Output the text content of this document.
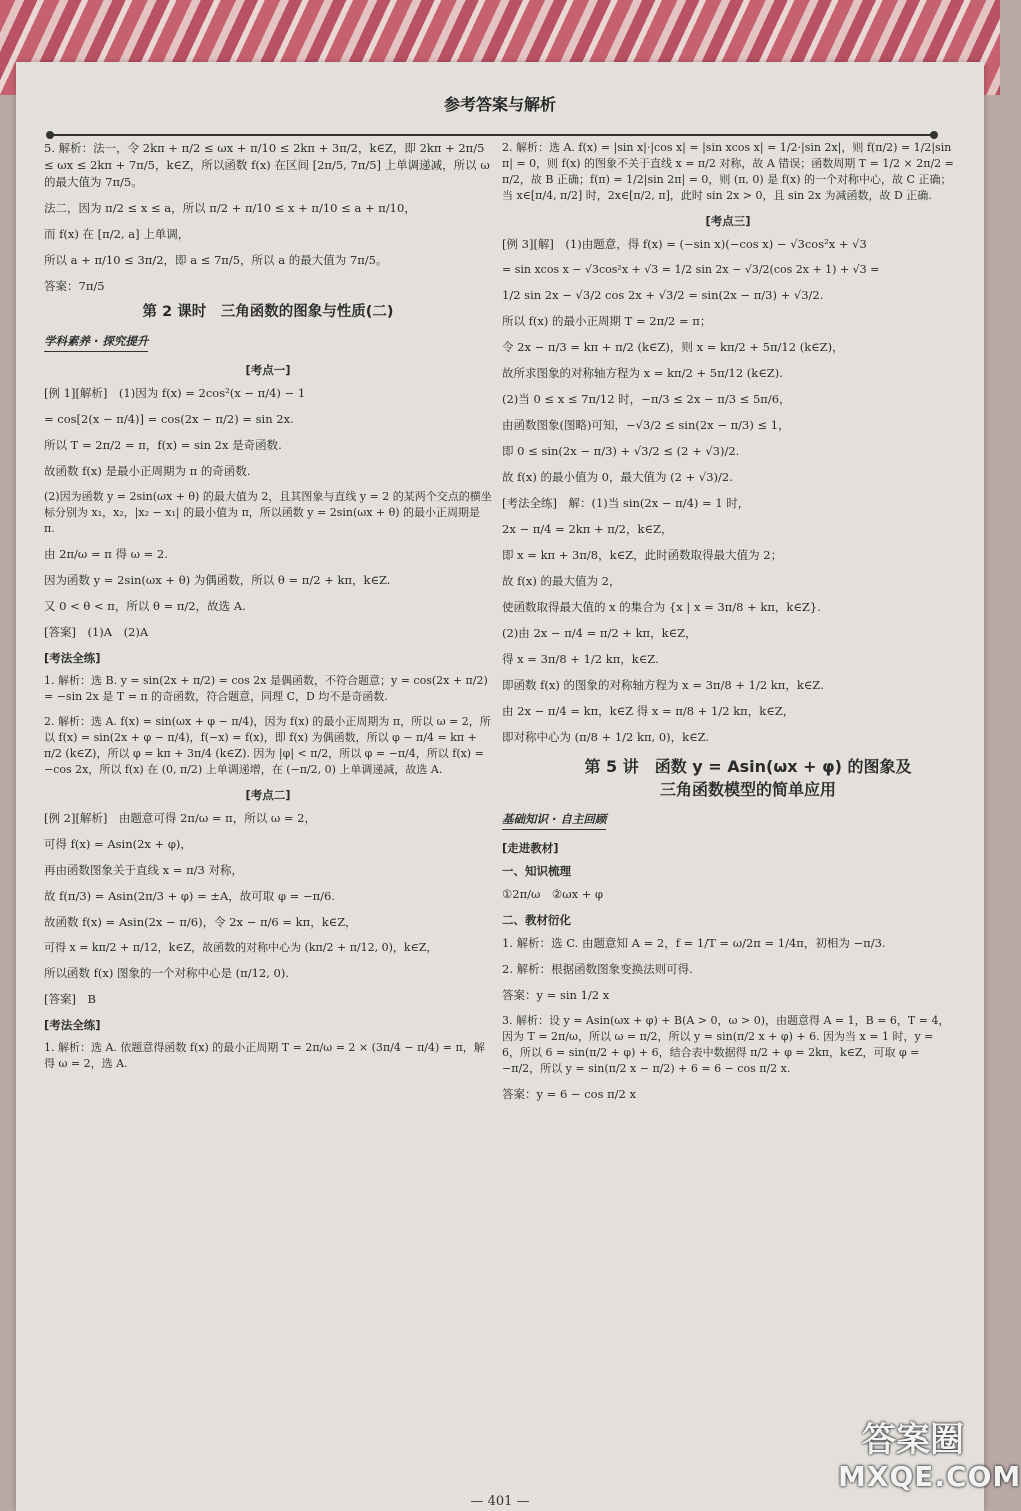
参考答案与解析

5. 解析：法一，令 2kπ + π/2 ≤ ωx + π/10 ≤ 2kπ + 3π/2，k∈Z，即 2kπ + 2π/5 ≤ ωx ≤ 2kπ + 7π/5，k∈Z，所以函数 f(x) 在区间 [2π/5, 7π/5] 上单调递减，所以 ω 的最大值为 7π/5。

法二，因为 π/2 ≤ x ≤ a，所以 π/2 + π/10 ≤ x + π/10 ≤ a + π/10，

而 f(x) 在 [π/2, a] 上单调，

所以 a + π/10 ≤ 3π/2，即 a ≤ 7π/5，所以 a 的最大值为 7π/5。

答案：7π/5

第 2 课时　三角函数的图象与性质(二)
学科素养 · 探究提升
[考点一]

[例 1][解析]　(1)因为 f(x) = 2cos²(x − π/4) − 1

= cos[2(x − π/4)] = cos(2x − π/2) = sin 2x.

所以 T = 2π/2 = π，f(x) = sin 2x 是奇函数.

故函数 f(x) 是最小正周期为 π 的奇函数.

(2)因为函数 y = 2sin(ωx + θ) 的最大值为 2，且其图象与直线 y = 2 的某两个交点的横坐标分别为 x₁，x₂，|x₂ − x₁| 的最小值为 π，所以函数 y = 2sin(ωx + θ) 的最小正周期是 π.

由 2π/ω = π 得 ω = 2.

因为函数 y = 2sin(ωx + θ) 为偶函数，所以 θ = π/2 + kπ，k∈Z.

又 0 < θ < π，所以 θ = π/2，故选 A.

[答案]　(1)A　(2)A

[考法全练]

1. 解析：选 B. y = sin(2x + π/2) = cos 2x 是偶函数，不符合题意；y = cos(2x + π/2) = −sin 2x 是 T = π 的奇函数，符合题意，同理 C，D 均不是奇函数.

2. 解析：选 A. f(x) = sin(ωx + φ − π/4)，因为 f(x) 的最小正周期为 π，所以 ω = 2，所以 f(x) = sin(2x + φ − π/4)，f(−x) = f(x)，即 f(x) 为偶函数，所以 φ − π/4 = kπ + π/2 (k∈Z)，所以 φ = kπ + 3π/4 (k∈Z). 因为 |φ| < π/2，所以 φ = −π/4，所以 f(x) = −cos 2x，所以 f(x) 在 (0, π/2) 上单调递增，在 (−π/2, 0) 上单调递减，故选 A.

[考点二]

[例 2][解析]　由题意可得 2π/ω = π，所以 ω = 2，

可得 f(x) = Asin(2x + φ)，

再由函数图象关于直线 x = π/3 对称，

故 f(π/3) = Asin(2π/3 + φ) = ±A，故可取 φ = −π/6.

故函数 f(x) = Asin(2x − π/6)，令 2x − π/6 = kπ，k∈Z，

可得 x = kπ/2 + π/12，k∈Z，故函数的对称中心为 (kπ/2 + π/12, 0)，k∈Z，

所以函数 f(x) 图象的一个对称中心是 (π/12, 0).

[答案]　B

[考法全练]

1. 解析：选 A. 依题意得函数 f(x) 的最小正周期 T = 2π/ω = 2 × (3π/4 − π/4) = π，解得 ω = 2，选 A.

2. 解析：选 A. f(x) = |sin x|·|cos x| = |sin xcos x| = 1/2·|sin 2x|，则 f(π/2) = 1/2|sin π| = 0，则 f(x) 的图象不关于直线 x = π/2 对称，故 A 错误；函数周期 T = 1/2 × 2π/2 = π/2，故 B 正确；f(π) = 1/2|sin 2π| = 0，则 (π, 0) 是 f(x) 的一个对称中心，故 C 正确；当 x∈[π/4, π/2] 时，2x∈[π/2, π]，此时 sin 2x > 0，且 sin 2x 为减函数，故 D 正确.

[考点三]

[例 3][解]　(1)由题意，得 f(x) = (−sin x)(−cos x) − √3cos²x + √3

= sin xcos x − √3cos²x + √3 = 1/2 sin 2x − √3/2(cos 2x + 1) + √3 =

1/2 sin 2x − √3/2 cos 2x + √3/2 = sin(2x − π/3) + √3/2.

所以 f(x) 的最小正周期 T = 2π/2 = π；

令 2x − π/3 = kπ + π/2 (k∈Z)，则 x = kπ/2 + 5π/12 (k∈Z)，

故所求图象的对称轴方程为 x = kπ/2 + 5π/12 (k∈Z).

(2)当 0 ≤ x ≤ 7π/12 时，−π/3 ≤ 2x − π/3 ≤ 5π/6，

由函数图象(图略)可知，−√3/2 ≤ sin(2x − π/3) ≤ 1，

即 0 ≤ sin(2x − π/3) + √3/2 ≤ (2 + √3)/2.

故 f(x) 的最小值为 0，最大值为 (2 + √3)/2.

[考法全练]　解：(1)当 sin(2x − π/4) = 1 时，

2x − π/4 = 2kπ + π/2，k∈Z，

即 x = kπ + 3π/8，k∈Z，此时函数取得最大值为 2；

故 f(x) 的最大值为 2，

使函数取得最大值的 x 的集合为 {x | x = 3π/8 + kπ，k∈Z}.

(2)由 2x − π/4 = π/2 + kπ，k∈Z，

得 x = 3π/8 + 1/2 kπ，k∈Z.

即函数 f(x) 的图象的对称轴方程为 x = 3π/8 + 1/2 kπ，k∈Z.

由 2x − π/4 = kπ，k∈Z 得 x = π/8 + 1/2 kπ，k∈Z，

即对称中心为 (π/8 + 1/2 kπ, 0)，k∈Z.

第 5 讲　函数 y = Asin(ωx + φ) 的图象及
三角函数模型的简单应用
基础知识 · 自主回顾
[走进教材]
一、知识梳理

①2π/ω　②ωx + φ

二、教材衍化

1. 解析：选 C. 由题意知 A = 2，f = 1/T = ω/2π = 1/4π，初相为 −π/3.

2. 解析：根据函数图象变换法则可得.

答案：y = sin 1/2 x

3. 解析：设 y = Asin(ωx + φ) + B(A > 0，ω > 0)，由题意得 A = 1，B = 6，T = 4，因为 T = 2π/ω，所以 ω = π/2，所以 y = sin(π/2 x + φ) + 6. 因为当 x = 1 时，y = 6，所以 6 = sin(π/2 + φ) + 6，结合表中数据得 π/2 + φ = 2kπ，k∈Z，可取 φ = −π/2，所以 y = sin(π/2 x − π/2) + 6 = 6 − cos π/2 x.

答案：y = 6 − cos π/2 x

— 401 —
答案圈
MXQE.COM
